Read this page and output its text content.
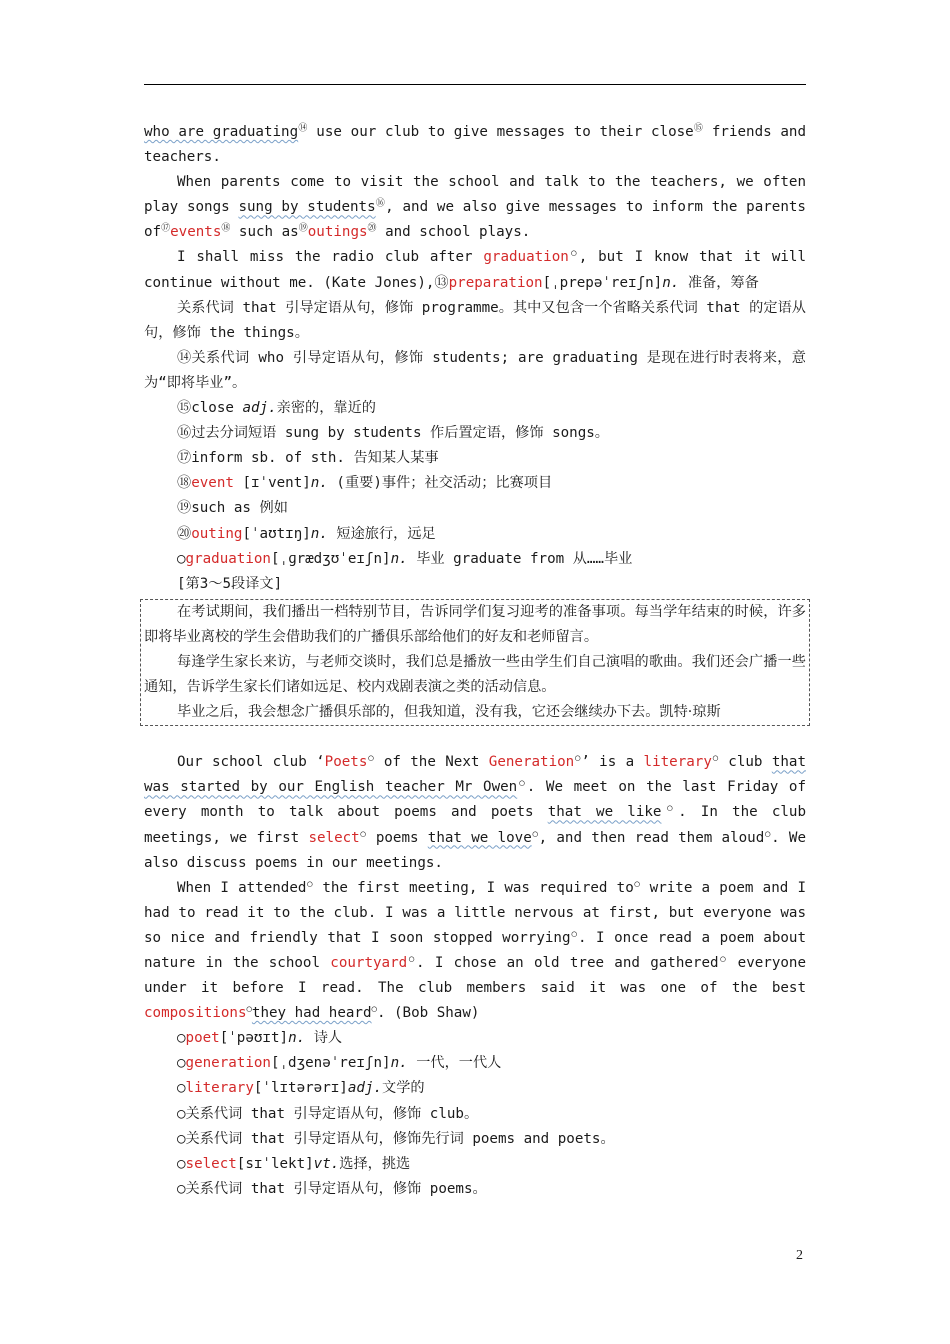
who are graduating⑭ use our club to give messages to their close⑮ friends and teachers.

When parents come to visit the school and talk to the teachers, we often play songs sung by students⑯, and we also give messages to inform the parents of⑰events⑱ such as⑲outings⑳ and school plays.

I shall miss the radio club after graduation○, but I know that it will continue without me. (Kate Jones),⑬preparation[ˌprepəˈreɪʃn]n. 准备，筹备

关系代词 that 引导定语从句，修饰 programme。其中又包含一个省略关系代词 that 的定语从句，修饰 the things。

⑭关系代词 who 引导定语从句，修饰 students; are graduating 是现在进行时表将来，意为“即将毕业”。

⑮close adj.亲密的，靠近的

⑯过去分词短语 sung by students 作后置定语，修饰 songs。

⑰inform sb. of sth. 告知某人某事

⑱event [ɪˈvent]n. (重要)事件；社交活动；比赛项目

⑲such as 例如

⑳outing[ˈaʊtɪŋ]n. 短途旅行，远足

○graduation[ˌɡrædʒʊˈeɪʃn]n. 毕业 graduate from 从……毕业

[第3～5段译文]

在考试期间，我们播出一档特别节目，告诉同学们复习迎考的准备事项。每当学年结束的时候，许多即将毕业离校的学生会借助我们的广播俱乐部给他们的好友和老师留言。

每逢学生家长来访，与老师交谈时，我们总是播放一些由学生们自己演唱的歌曲。我们还会广播一些通知，告诉学生家长们诸如远足、校内戏剧表演之类的活动信息。

毕业之后，我会想念广播俱乐部的，但我知道，没有我，它还会继续办下去。凯特·琼斯

Our school club ‘Poets○ of the Next Generation○’ is a literary○ club that was started by our English teacher Mr Owen○. We meet on the last Friday of every month to talk about poems and poets that we like○. In the club meetings, we first select○ poems that we love○, and then read them aloud○. We also discuss poems in our meetings.

When I attended○ the first meeting, I was required to○ write a poem and I had to read it to the club. I was a little nervous at first, but everyone was so nice and friendly that I soon stopped worrying○. I once read a poem about nature in the school courtyard○. I chose an old tree and gathered○ everyone under it before I read. The club members said it was one of the best compositions○they had heard○. (Bob Shaw)

○poet[ˈpəʊɪt]n. 诗人

○generation[ˌdʒenəˈreɪʃn]n. 一代，一代人

○literary[ˈlɪtərərɪ]adj.文学的

○关系代词 that 引导定语从句，修饰 club。

○关系代词 that 引导定语从句，修饰先行词 poems and poets。

○select[sɪˈlekt]vt.选择，挑选

○关系代词 that 引导定语从句，修饰 poems。

2
